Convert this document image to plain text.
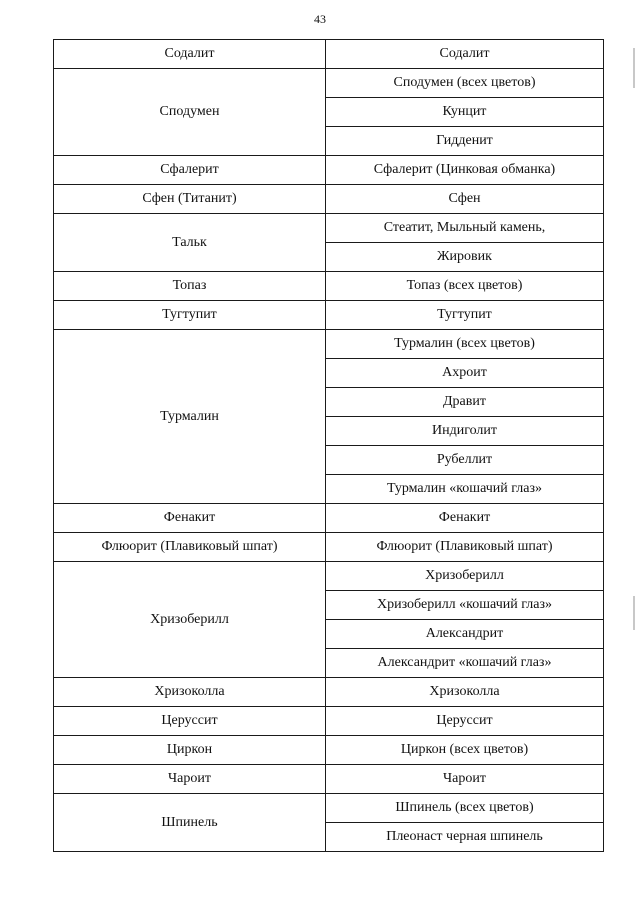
43
Содалит	Содалит
Сподумен	Сподумен (всех цветов)
	Кунцит
	Гидденит
Сфалерит	Сфалерит (Цинковая обманка)
Сфен (Титанит)	Сфен
Тальк	Стеатит, Мыльный камень,
	Жировик
Топаз	Топаз (всех цветов)
Тугтупит	Тугтупит
Турмалин	Турмалин (всех цветов)
	Ахроит
	Дравит
	Индиголит
	Рубеллит
	Турмалин «кошачий глаз»
Фенакит	Фенакит
Флюорит (Плавиковый шпат)	Флюорит (Плавиковый шпат)
Хризоберилл	Хризоберилл
	Хризоберилл «кошачий глаз»
	Александрит
	Александрит «кошачий глаз»
Хризоколла	Хризоколла
Церуссит	Церуссит
Циркон	Циркон (всех цветов)
Чароит	Чароит
Шпинель	Шпинель (всех цветов)
	Плеонаст черная шпинель
